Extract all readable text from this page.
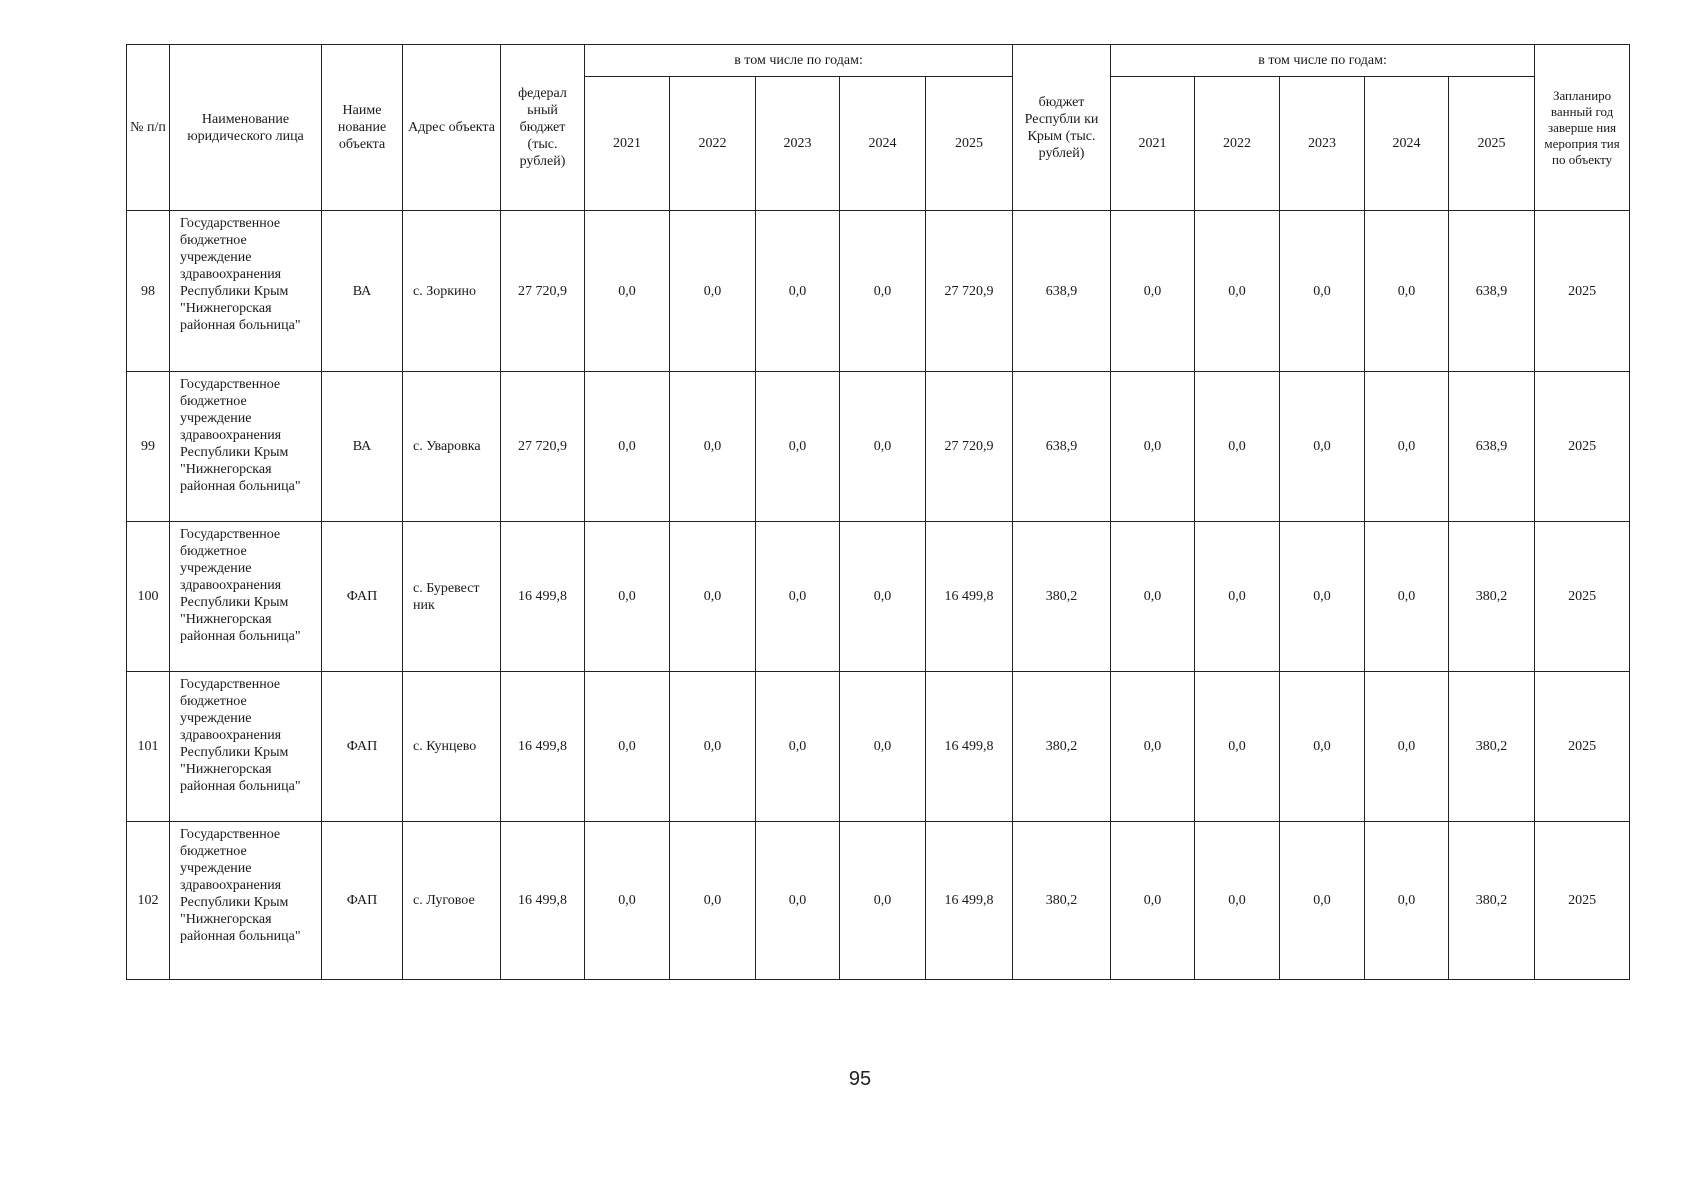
№ п/п	Наименование юридического лица	Наиме нование объекта	Адрес объекта	федерал ьный бюджет (тыс. рублей)	в том числе по годам:					бюджет Республи ки Крым (тыс. рублей)	в том числе по годам:					Запланиро ванный год заверше ния мероприя тия по объекту
					2021	2022	2023	2024	2025		2021	2022	2023	2024	2025	
98	Государственное бюджетное учреждение здравоохранения Республики Крым "Нижнегорская районная больница"	ВА	с. Зоркино	27 720,9	0,0	0,0	0,0	0,0	27 720,9	638,9	0,0	0,0	0,0	0,0	638,9	2025
99	Государственное бюджетное учреждение здравоохранения Республики Крым "Нижнегорская районная больница"	ВА	с. Уваровка	27 720,9	0,0	0,0	0,0	0,0	27 720,9	638,9	0,0	0,0	0,0	0,0	638,9	2025
100	Государственное бюджетное учреждение здравоохранения Республики Крым "Нижнегорская районная больница"	ФАП	с. Буревест ник	16 499,8	0,0	0,0	0,0	0,0	16 499,8	380,2	0,0	0,0	0,0	0,0	380,2	2025
101	Государственное бюджетное учреждение здравоохранения Республики Крым "Нижнегорская районная больница"	ФАП	с. Кунцево	16 499,8	0,0	0,0	0,0	0,0	16 499,8	380,2	0,0	0,0	0,0	0,0	380,2	2025
102	Государственное бюджетное учреждение здравоохранения Республики Крым "Нижнегорская районная больница"	ФАП	с. Луговое	16 499,8	0,0	0,0	0,0	0,0	16 499,8	380,2	0,0	0,0	0,0	0,0	380,2	2025
95
